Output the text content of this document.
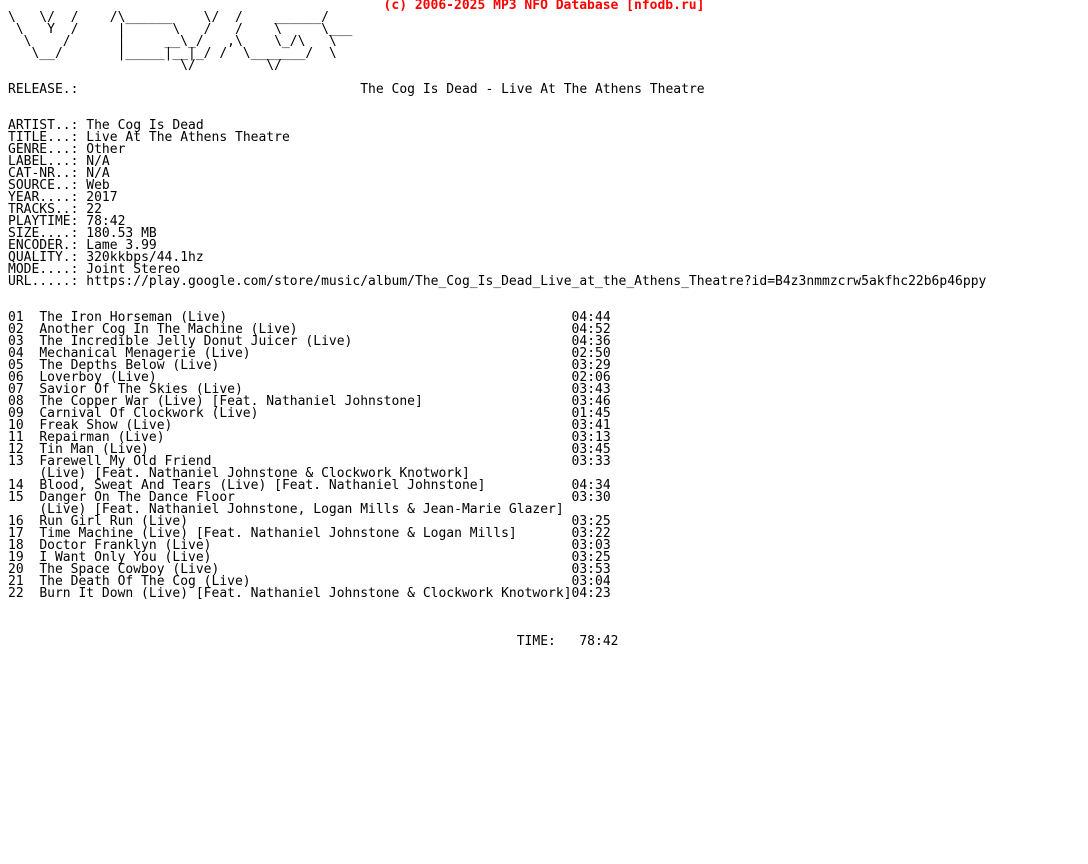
(c) 2006-2025 MP3 NFO Database [nfodb.ru]
\   \/  /    /\______    \/  /    ______/
\   Y  /     |      \   /   /    \     \___
\    /      |     __\_/   ,\    \_/\   \
\__/       |_____|__|_/ /  \_______/  \
\/         \/

RELEASE.:	The Cog Is Dead - Live At The Athens Theatre

ARTIST..: The Cog Is Dead
TITLE...: Live At The Athens Theatre
GENRE...: Other
LABEL...: N/A
CAT-NR..: N/A
SOURCE..: Web
YEAR....: 2017
TRACKS..: 22
PLAYTIME: 78:42
SIZE....: 180.53 MB
ENCODER.: Lame 3.99
QUALITY.: 320kkbps/44.1hz
MODE....: Joint Stereo
URL.....: https://play.google.com/store/music/album/The_Cog_Is_Dead_Live_at_the_Athens_Theatre?id=B4z3nmmzcrw5akfhc22b6p46ppy

01 The Iron Horseman (Live)	04:44
02 Another Cog In The Machine (Live)	04:52
03 The Incredible Jelly Donut Juicer (Live)	04:36
04 Mechanical Menagerie (Live)	02:50
05 The Depths Below (Live)	03:29
06 Loverboy (Live)	02:06
07 Savior Of The Skies (Live)	03:43
08 The Copper War (Live) [Feat. Nathaniel Johnstone]	03:46
09 Carnival Of Clockwork (Live)	01:45
10 Freak Show (Live)	03:41
11 Repairman (Live)	03:13
12 Tin Man (Live)	03:45
13 Farewell My Old Friend	03:33
(Live) [Feat. Nathaniel Johnstone & Clockwork Knotwork]
14 Blood, Sweat And Tears (Live) [Feat. Nathaniel Johnstone]	04:34
15 Danger On The Dance Floor	03:30
(Live) [Feat. Nathaniel Johnstone, Logan Mills & Jean-Marie Glazer]
16 Run Girl Run (Live)	03:25
17 Time Machine (Live) [Feat. Nathaniel Johnstone & Logan Mills]	03:22
18 Doctor Franklyn (Live)	03:03
19 I Want Only You (Live)	03:25
20 The Space Cowboy (Live)	03:53
21 The Death Of The Cog (Live)	03:04
22 Burn It Down (Live) [Feat. Nathaniel Johnstone & Clockwork Knotwork]04:23

TIME: 78:42
